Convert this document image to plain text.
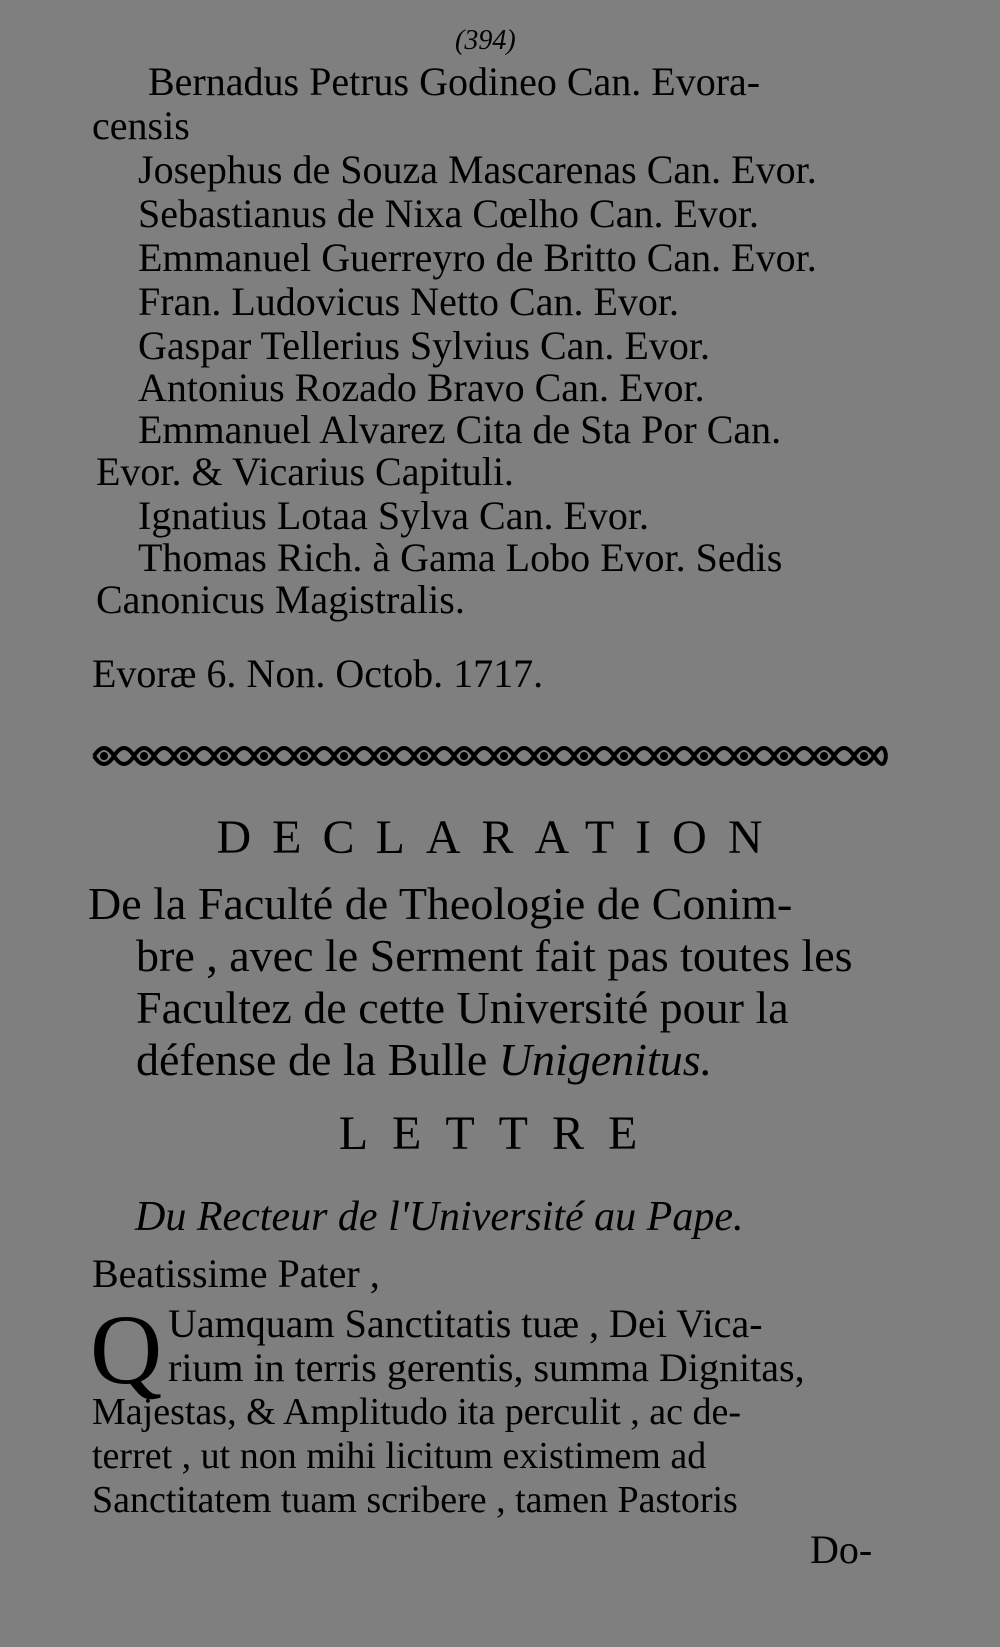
(394)
Bernadus Petrus Godineo Can. Evora-
censis
Josephus de Souza Mascarenas Can. Evor.
Sebastianus de Nixa Cœlho Can. Evor.
Emmanuel Guerreyro de Britto Can. Evor.
Fran. Ludovicus Netto Can. Evor.
Gaspar Tellerius Sylvius Can. Evor.
Antonius Rozado Bravo Can. Evor.
Emmanuel Alvarez Cita de Sta Por Can.
Evor. & Vicarius Capituli.
Ignatius Lotaa Sylva Can. Evor.
Thomas Rich. à Gama Lobo Evor. Sedis
Canonicus Magistralis.
Evoræ 6. Non. Octob. 1717.
DECLARATION
De la Faculté de Theologie de Conim-
bre , avec le Serment fait pas toutes les
Facultez de cette Université pour la
défense de la Bulle Unigenitus.
LETTRE
Du Recteur de l'Université au Pape.
Beatissime Pater ,
Q Uamquam Sanctitatis tuæ , Dei Vica-
rium in terris gerentis, summa Dignitas,
Majestas, & Amplitudo ita perculit , ac de-
terret , ut non mihi licitum existimem ad
Sanctitatem tuam scribere , tamen Pastoris
Do-
